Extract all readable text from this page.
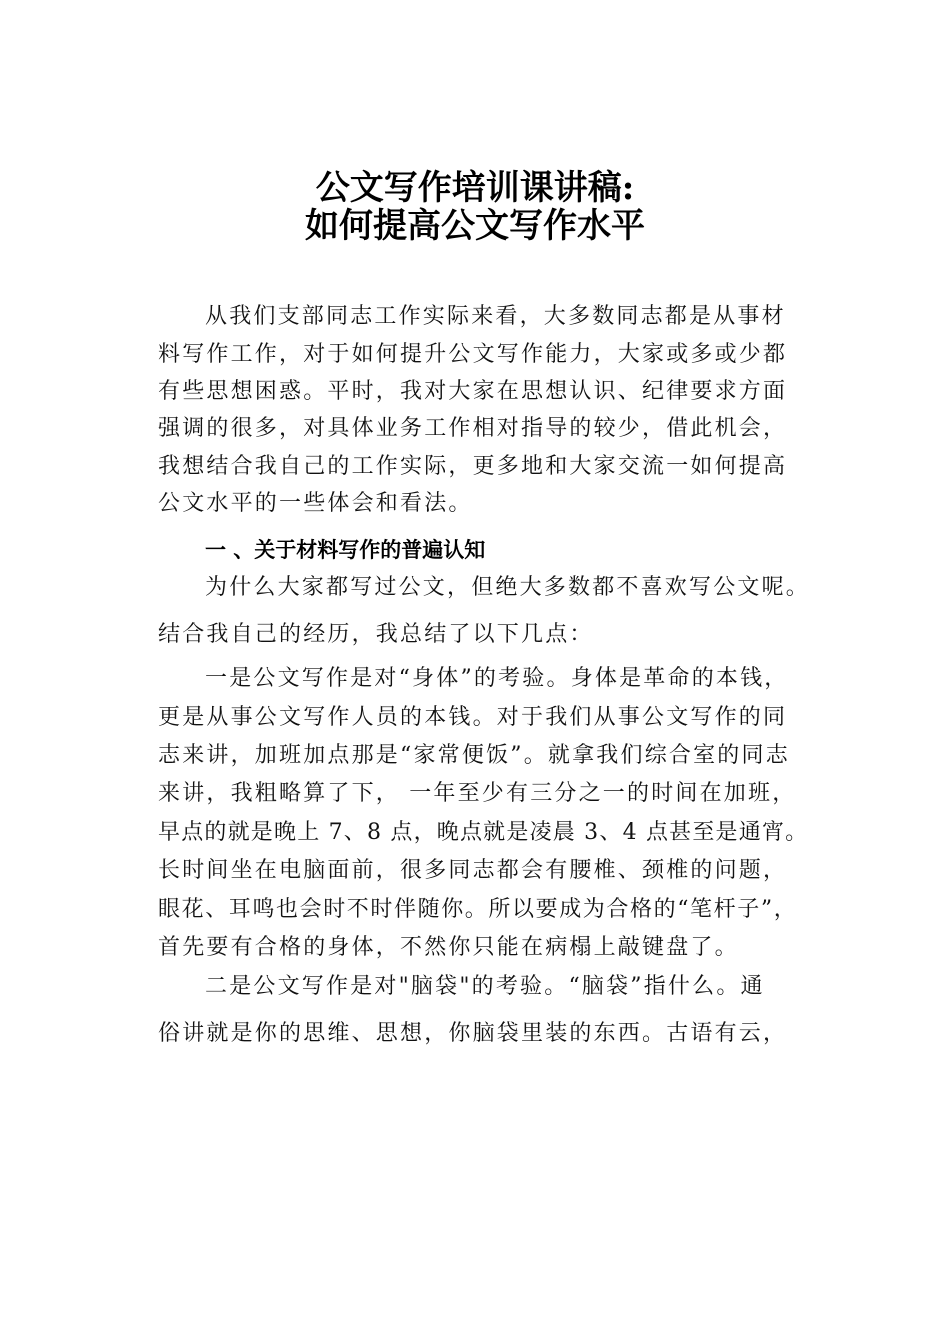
公文写作培训课讲稿:
如何提高公文写作水平
从我们支部同志工作实际来看，大多数同志都是从事材
料写作工作，对于如何提升公文写作能力，大家或多或少都
有些思想困惑。平时，我对大家在思想认识、纪律要求方面
强调的很多，对具体业务工作相对指导的较少，借此机会，
我想结合我自己的工作实际，更多地和大家交流一如何提高
公文水平的一些体会和看法。
一 、关于材料写作的普遍认知
为什么大家都写过公文，但绝大多数都不喜欢写公文呢。
结合我自己的经历，我总结了以下几点：
一是公文写作是对“身体”的考验。身体是革命的本钱，
更是从事公文写作人员的本钱。对于我们从事公文写作的同
志来讲，加班加点那是“家常便饭”。就拿我们综合室的同志
来讲，我粗略算了下， 一年至少有三分之一的时间在加班，
早点的就是晚上 7、8 点，晚点就是凌晨 3、4 点甚至是通宵。
长时间坐在电脑面前，很多同志都会有腰椎、颈椎的问题，
眼花、耳鸣也会时不时伴随你。所以要成为合格的“笔杆子”，
首先要有合格的身体，不然你只能在病榻上敲键盘了。
二是公文写作是对"脑袋"的考验。“脑袋”指什么。通
俗讲就是你的思维、思想，你脑袋里装的东西。古语有云，
